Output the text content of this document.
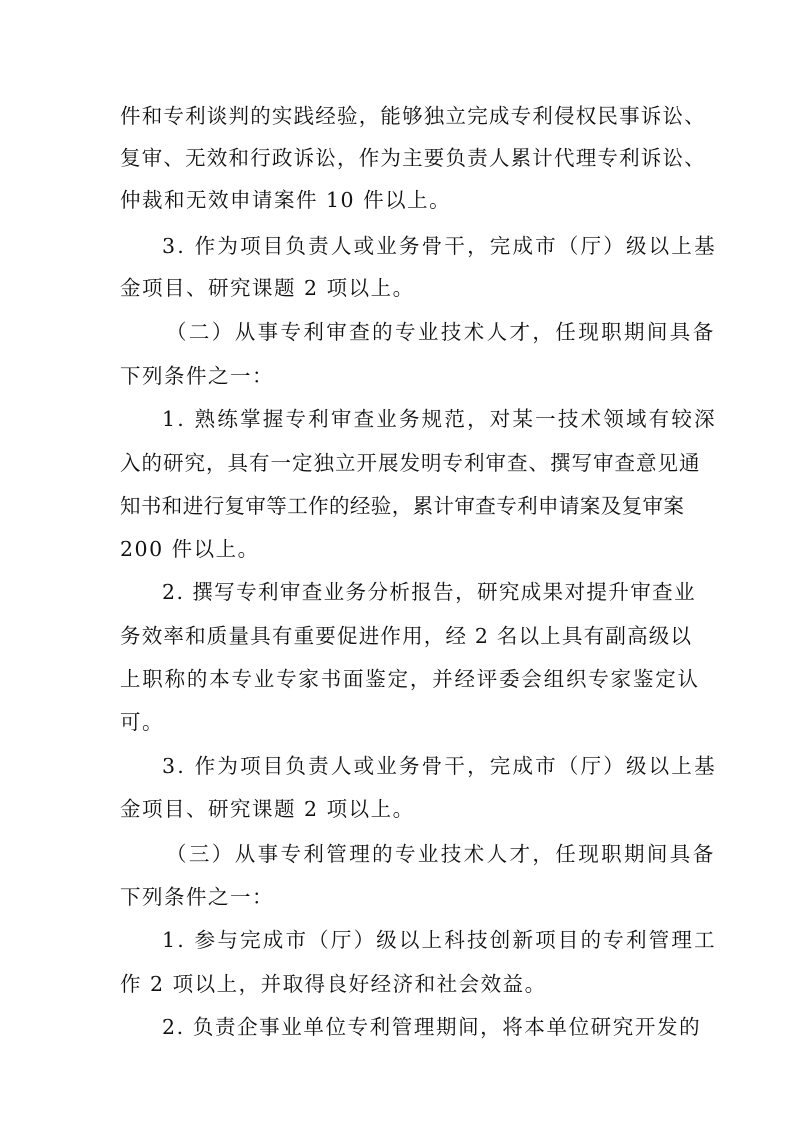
件和专利谈判的实践经验，能够独立完成专利侵权民事诉讼、
复审、无效和行政诉讼，作为主要负责人累计代理专利诉讼、
仲裁和无效申请案件 10 件以上。
3. 作为项目负责人或业务骨干，完成市（厅）级以上基
金项目、研究课题 2 项以上。
（二）从事专利审查的专业技术人才，任现职期间具备
下列条件之一：
1. 熟练掌握专利审查业务规范，对某一技术领域有较深
入的研究，具有一定独立开展发明专利审查、撰写审查意见通
知书和进行复审等工作的经验，累计审查专利申请案及复审案
200 件以上。
2. 撰写专利审查业务分析报告，研究成果对提升审查业
务效率和质量具有重要促进作用，经 2 名以上具有副高级以
上职称的本专业专家书面鉴定，并经评委会组织专家鉴定认
可。
3. 作为项目负责人或业务骨干，完成市（厅）级以上基
金项目、研究课题 2 项以上。
（三）从事专利管理的专业技术人才，任现职期间具备
下列条件之一：
1. 参与完成市（厅）级以上科技创新项目的专利管理工
作 2 项以上，并取得良好经济和社会效益。
2. 负责企事业单位专利管理期间，将本单位研究开发的
